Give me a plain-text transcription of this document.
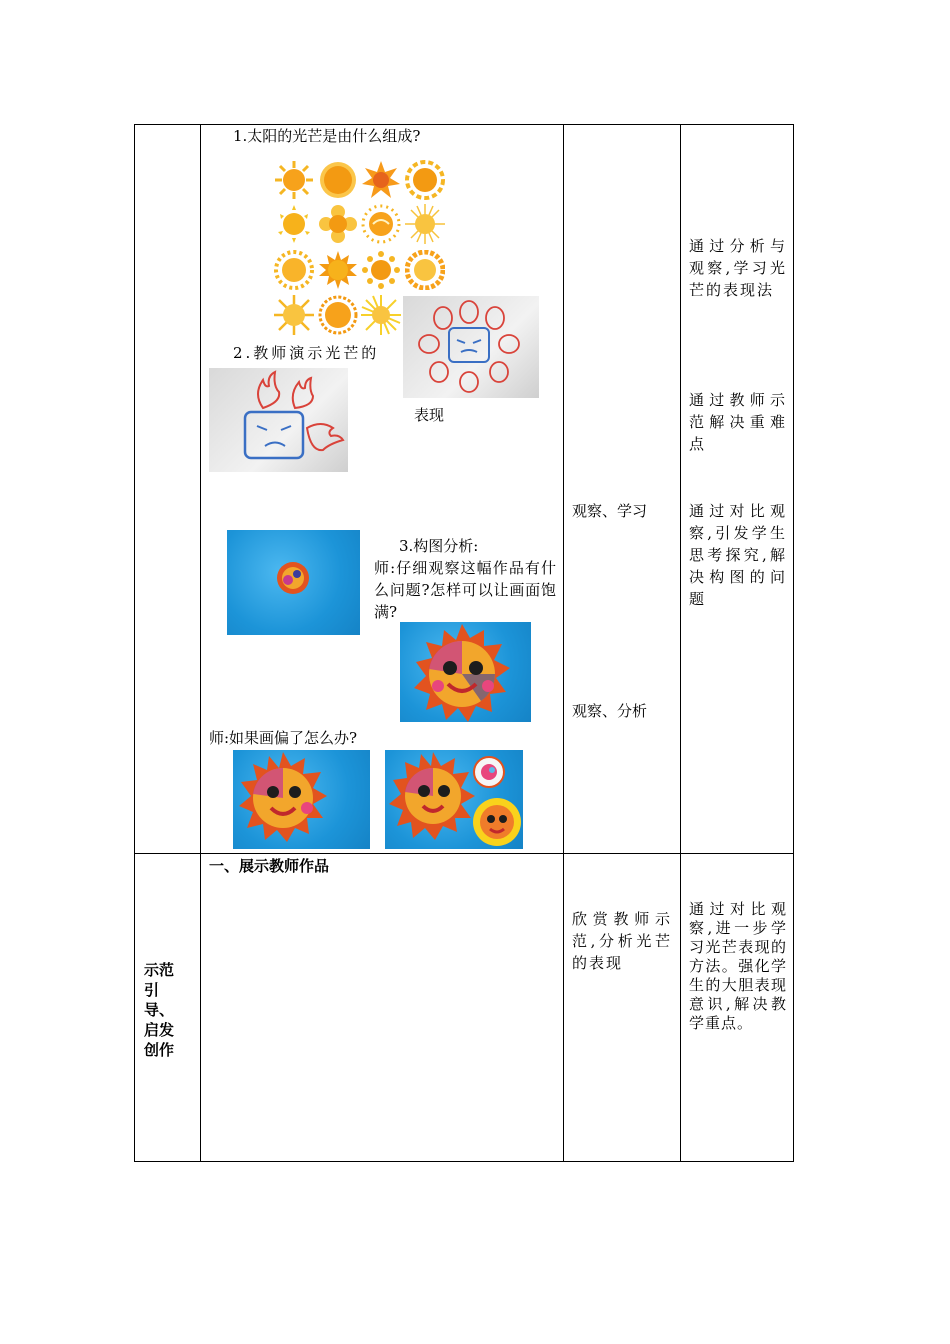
1.太阳的光芒是由什么组成?
2.教师演示光芒的
表现
3.构图分析:
师:仔细观察这幅作品有什么问题?怎样可以让画面饱满?
师:如果画偏了怎么办?
观察、学习
观察、分析
通过分析与观察,学习光芒的表现法
通过教师示范解决重难点
通过对比观察,引发学生思考探究,解决构图的问题
示范引导、启发创作
一、展示教师作品
欣赏教师示范,分析光芒的表现
通过对比观察,进一步学习光芒表现的方法。强化学生的大胆表现意识,解决教学重点。
